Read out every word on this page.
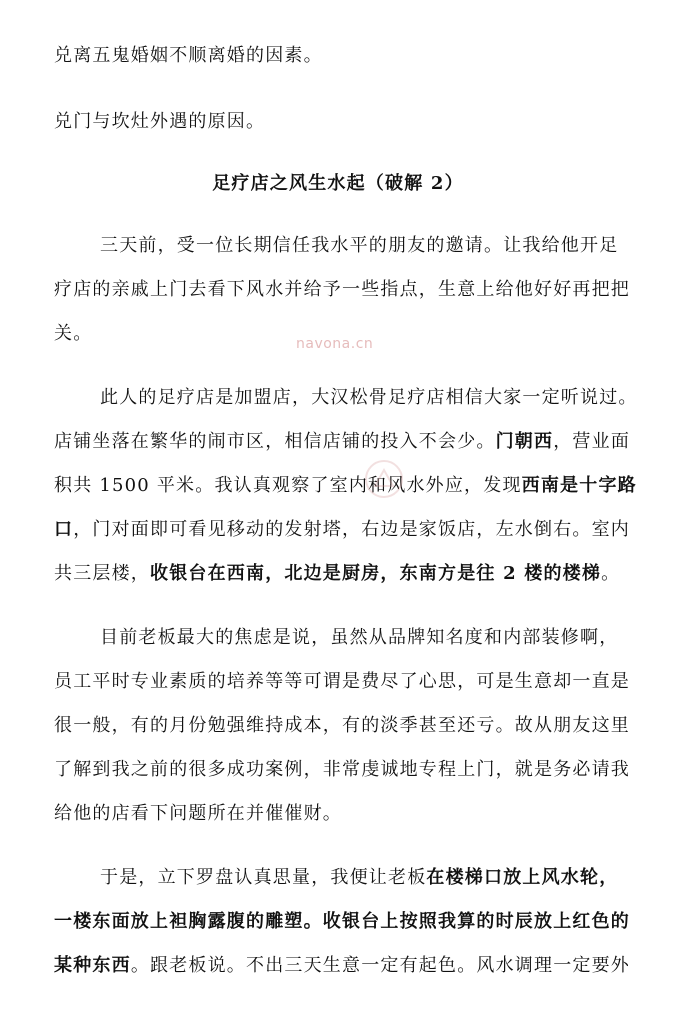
兑离五鬼婚姻不顺离婚的因素。
兑门与坎灶外遇的原因。
足疗店之风生水起（破解 2）
三天前，受一位长期信任我水平的朋友的邀请。让我给他开足
疗店的亲戚上门去看下风水并给予一些指点，生意上给他好好再把把
关。
此人的足疗店是加盟店，大汉松骨足疗店相信大家一定听说过。
店铺坐落在繁华的闹市区，相信店铺的投入不会少。门朝西，营业面
积共 1500 平米。我认真观察了室内和风水外应，发现西南是十字路
口，门对面即可看见移动的发射塔，右边是家饭店，左水倒右。室内
共三层楼，收银台在西南，北边是厨房，东南方是往 2 楼的楼梯。
目前老板最大的焦虑是说，虽然从品牌知名度和内部装修啊，
员工平时专业素质的培养等等可谓是费尽了心思，可是生意却一直是
很一般，有的月份勉强维持成本，有的淡季甚至还亏。故从朋友这里
了解到我之前的很多成功案例，非常虔诚地专程上门，就是务必请我
给他的店看下问题所在并催催财。
于是，立下罗盘认真思量，我便让老板在楼梯口放上风水轮，
一楼东面放上袒胸露腹的雕塑。收银台上按照我算的时辰放上红色的
某种东西。跟老板说。不出三天生意一定有起色。风水调理一定要外
navona.cn
